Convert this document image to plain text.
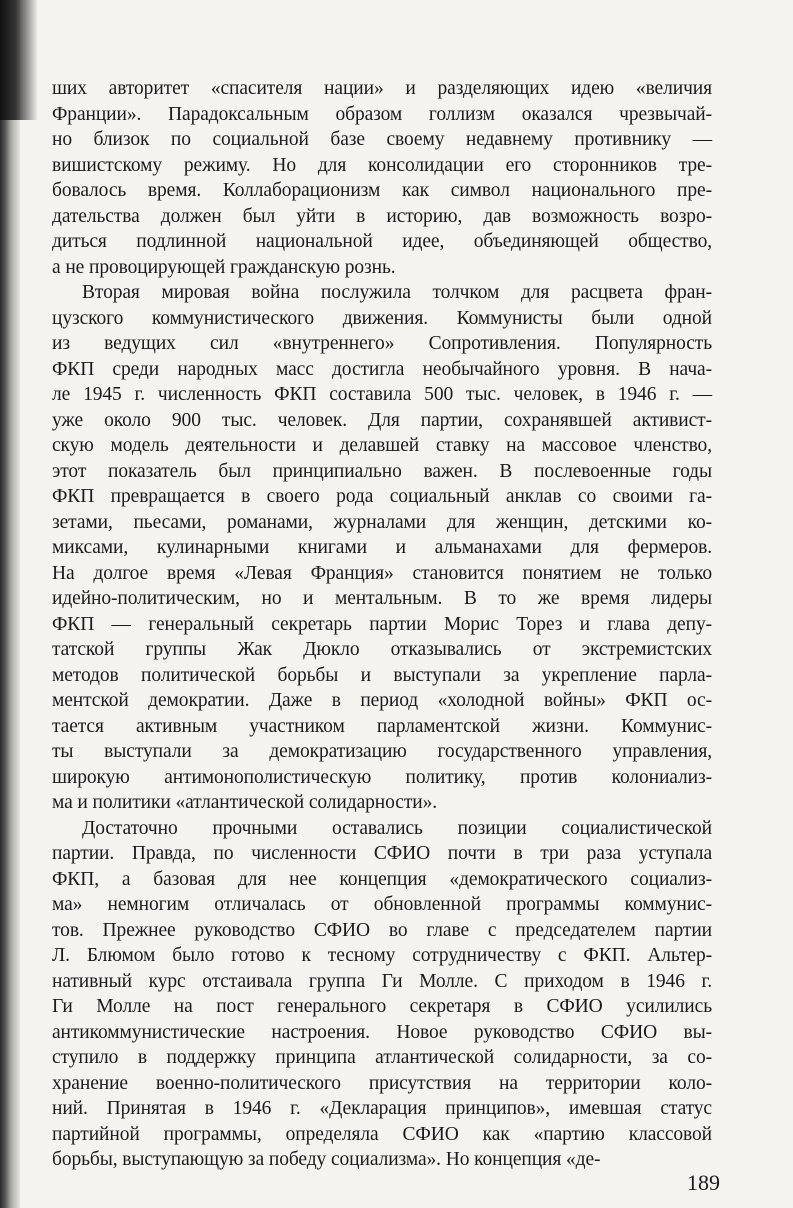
ших авторитет «спасителя нации» и разделяющих идею «величия
Франции». Парадоксальным образом голлизм оказался чрезвычай-
но близок по социальной базе своему недавнему противнику —
вишистскому режиму. Но для консолидации его сторонников тре-
бовалось время. Коллаборационизм как символ национального пре-
дательства должен был уйти в историю, дав возможность возро-
диться подлинной национальной идее, объединяющей общество,
а не провоцирующей гражданскую рознь.
Вторая мировая война послужила толчком для расцвета фран-
цузского коммунистического движения. Коммунисты были одной
из ведущих сил «внутреннего» Сопротивления. Популярность
ФКП среди народных масс достигла необычайного уровня. В нача-
ле 1945 г. численность ФКП составила 500 тыс. человек, в 1946 г. —
уже около 900 тыс. человек. Для партии, сохранявшей активист-
скую модель деятельности и делавшей ставку на массовое членство,
этот показатель был принципиально важен. В послевоенные годы
ФКП превращается в своего рода социальный анклав со своими га-
зетами, пьесами, романами, журналами для женщин, детскими ко-
миксами, кулинарными книгами и альманахами для фермеров.
На долгое время «Левая Франция» становится понятием не только
идейно-политическим, но и ментальным. В то же время лидеры
ФКП — генеральный секретарь партии Морис Торез и глава депу-
татской группы Жак Дюкло отказывались от экстремистских
методов политической борьбы и выступали за укрепление парла-
ментской демократии. Даже в период «холодной войны» ФКП ос-
тается активным участником парламентской жизни. Коммунис-
ты выступали за демократизацию государственного управления,
широкую антимонополистическую политику, против колониализ-
ма и политики «атлантической солидарности».
Достаточно прочными оставались позиции социалистической
партии. Правда, по численности СФИО почти в три раза уступала
ФКП, а базовая для нее концепция «демократического социализ-
ма» немногим отличалась от обновленной программы коммунис-
тов. Прежнее руководство СФИО во главе с председателем партии
Л. Блюмом было готово к тесному сотрудничеству с ФКП. Альтер-
нативный курс отстаивала группа Ги Молле. С приходом в 1946 г.
Ги Молле на пост генерального секретаря в СФИО усилились
антикоммунистические настроения. Новое руководство СФИО вы-
ступило в поддержку принципа атлантической солидарности, за со-
хранение военно-политического присутствия на территории коло-
ний. Принятая в 1946 г. «Декларация принципов», имевшая статус
партийной программы, определяла СФИО как «партию классовой
борьбы, выступающую за победу социализма». Но концепция «де-
189
